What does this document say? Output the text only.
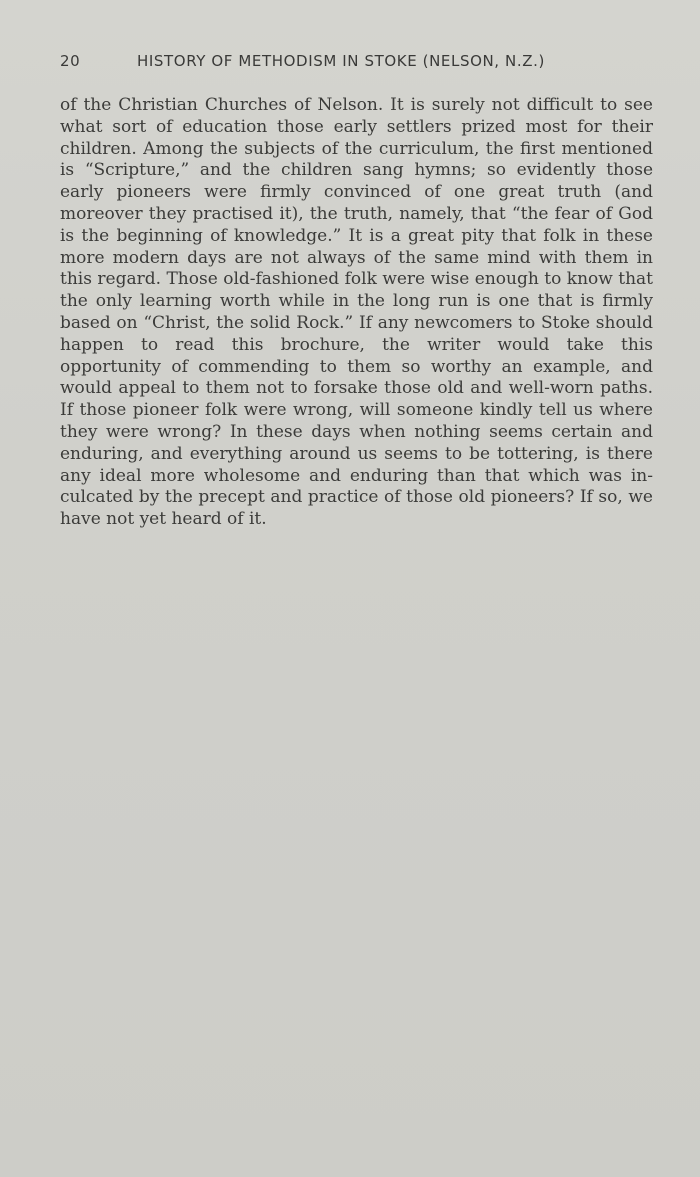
20	HISTORY OF METHODISM IN STOKE (NELSON, N.Z.)

of the Christian Churches of Nelson. It is surely not difficult to see what sort of education those early settlers prized most for their children. Among the subjects of the curriculum, the first mentioned is “Scripture,” and the children sang hymns; so evidently those early pioneers were firmly convinced of one great truth (and moreover they practised it), the truth, namely, that “the fear of God is the beginning of knowledge.” It is a great pity that folk in these more modern days are not always of the same mind with them in this regard. Those old-fashioned folk were wise enough to know that the only learning worth while in the long run is one that is firmly based on “Christ, the solid Rock.” If any newcomers to Stoke should happen to read this brochure, the writer would take this opportunity of commending to them so worthy an example, and would appeal to them not to forsake those old and well-worn paths. If those pioneer folk were wrong, will someone kindly tell us where they were wrong? In these days when nothing seems certain and enduring, and everything around us seems to be tottering, is there any ideal more wholesome and enduring than that which was inculcated by the precept and practice of those old pioneers? If so, we have not yet heard of it.
